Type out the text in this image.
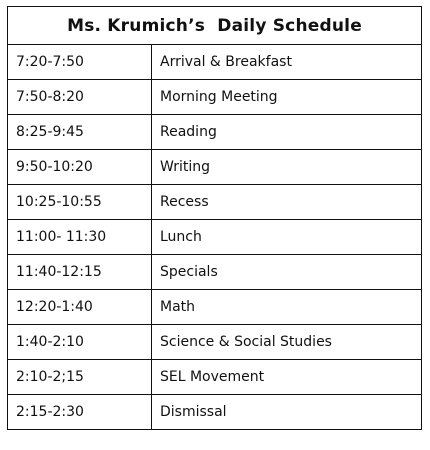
Ms. Krumich’s  Daily Schedule	
7:20-7:50	Arrival & Breakfast
7:50-8:20	Morning Meeting
8:25-9:45	Reading
9:50-10:20	Writing
10:25-10:55	Recess
11:00- 11:30	Lunch
11:40-12:15	Specials
12:20-1:40	Math
1:40-2:10	Science & Social Studies
2:10-2;15	SEL Movement
2:15-2:30	Dismissal
